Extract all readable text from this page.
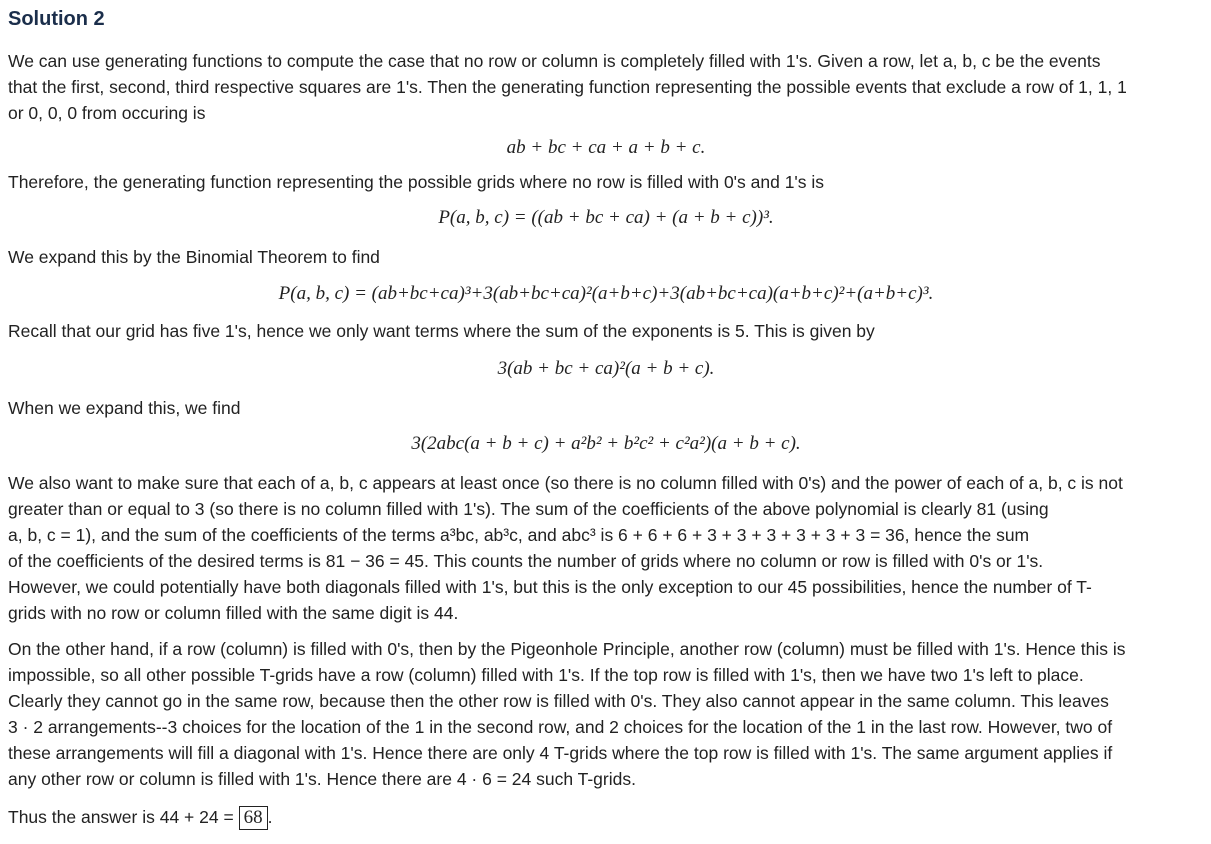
Solution 2
We can use generating functions to compute the case that no row or column is completely filled with 1's. Given a row, let a, b, c be the events
that the first, second, third respective squares are 1's. Then the generating function representing the possible events that exclude a row of 1, 1, 1
or 0, 0, 0 from occuring is
ab + bc + ca + a + b + c.
Therefore, the generating function representing the possible grids where no row is filled with 0's and 1's is
P(a, b, c) = ((ab + bc + ca) + (a + b + c))³.
We expand this by the Binomial Theorem to find
P(a, b, c) = (ab+bc+ca)³+3(ab+bc+ca)²(a+b+c)+3(ab+bc+ca)(a+b+c)²+(a+b+c)³.
Recall that our grid has five 1's, hence we only want terms where the sum of the exponents is 5. This is given by
3(ab + bc + ca)²(a + b + c).
When we expand this, we find
3(2abc(a + b + c) + a²b² + b²c² + c²a²)(a + b + c).
We also want to make sure that each of a, b, c appears at least once (so there is no column filled with 0's) and the power of each of a, b, c is not
greater than or equal to 3 (so there is no column filled with 1's). The sum of the coefficients of the above polynomial is clearly 81 (using
a, b, c = 1), and the sum of the coefficients of the terms a³bc, ab³c, and abc³ is 6 + 6 + 6 + 3 + 3 + 3 + 3 + 3 + 3 = 36, hence the sum
of the coefficients of the desired terms is 81 − 36 = 45. This counts the number of grids where no column or row is filled with 0's or 1's.
However, we could potentially have both diagonals filled with 1's, but this is the only exception to our 45 possibilities, hence the number of T-
grids with no row or column filled with the same digit is 44.
On the other hand, if a row (column) is filled with 0's, then by the Pigeonhole Principle, another row (column) must be filled with 1's. Hence this is
impossible, so all other possible T-grids have a row (column) filled with 1's. If the top row is filled with 1's, then we have two 1's left to place.
Clearly they cannot go in the same row, because then the other row is filled with 0's. They also cannot appear in the same column. This leaves
3 · 2 arrangements--3 choices for the location of the 1 in the second row, and 2 choices for the location of the 1 in the last row. However, two of
these arrangements will fill a diagonal with 1's. Hence there are only 4 T-grids where the top row is filled with 1's. The same argument applies if
any other row or column is filled with 1's. Hence there are 4 · 6 = 24 such T-grids.
Thus the answer is 44 + 24 = 68 .
